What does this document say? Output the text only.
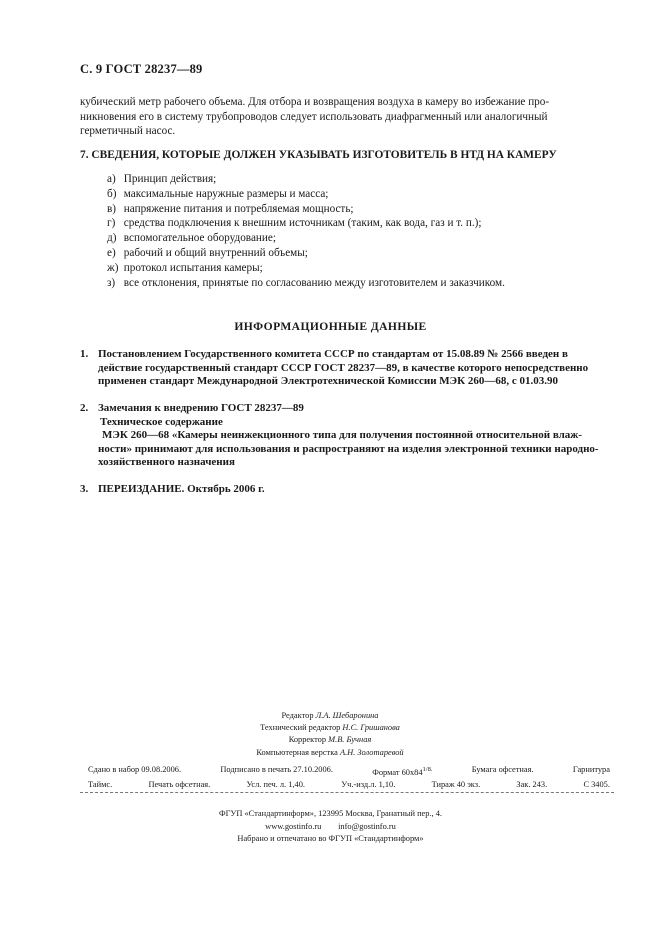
С. 9 ГОСТ 28237—89
кубический метр рабочего объема. Для отбора и возвращения воздуха в камеру во избежание про-
никновения его в систему трубопроводов следует использовать диафрагменный или аналогичный
герметичный насос.
7. СВЕДЕНИЯ, КОТОРЫЕ ДОЛЖЕН УКАЗЫВАТЬ ИЗГОТОВИТЕЛЬ В НТД НА КАМЕРУ
а) Принцип действия;
б) максимальные наружные размеры и масса;
в) напряжение питания и потребляемая мощность;
г) средства подключения к внешним источникам (таким, как вода, газ и т. п.);
д) вспомогательное оборудование;
е) рабочий и общий внутренний объемы;
ж) протокол испытания камеры;
з) все отклонения, принятые по согласованию между изготовителем и заказчиком.
ИНФОРМАЦИОННЫЕ ДАННЫЕ
1. Постановлением Государственного комитета СССР по стандартам от 15.08.89 № 2566 введен в
действие государственный стандарт СССР ГОСТ 28237—89, в качестве которого непосредственно
применен стандарт Международной Электротехнической Комиссии МЭК 260—68, с 01.03.90
2. Замечания к внедрению ГОСТ 28237—89
Техническое содержание
МЭК 260—68 «Камеры неинжекционного типа для получения постоянной относительной влаж-
ности» принимают для использования и распространяют на изделия электронной техники народно-
хозяйственного назначения
3. ПЕРЕИЗДАНИЕ. Октябрь 2006 г.
Редактор Л.А. Шебаронина
Технический редактор Н.С. Гришанова
Корректор М.В. Бучная
Компьютерная верстка А.Н. Золотаревой
Сдано в набор 09.08.2006.	Подписано в печать 27.10.2006.	Формат $60х84^{1/8.}$	Бумага офсетная.	Гарнитура
Таймс.	Печать офсетная.	Усл. печ. л. 1,40.	Уч.-изд.л. 1,10.	Тираж 40 экз.	Зак. 243.	С 3405.
ФГУП «Стандартинформ», 123995 Москва, Гранатный пер., 4.
www.gostinfo.ru        info@gostinfo.ru
Набрано и отпечатано во ФГУП «Стандартинформ»
